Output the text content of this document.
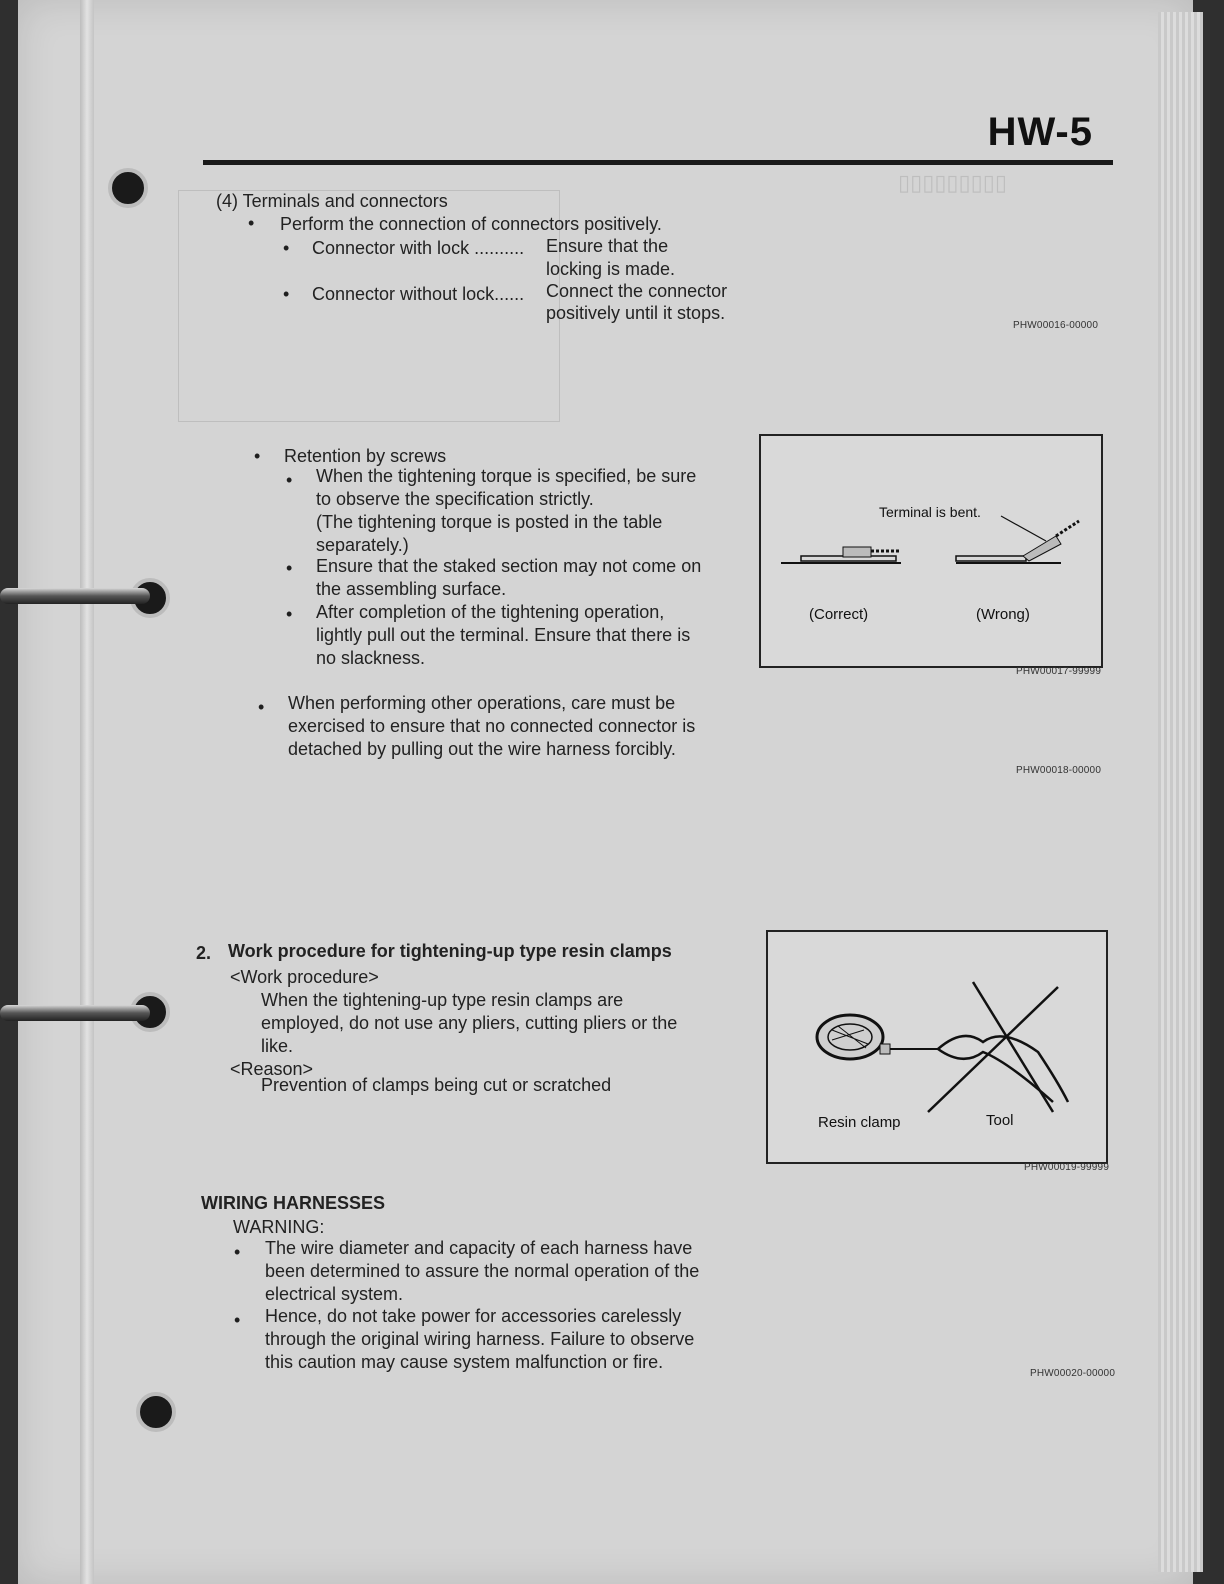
▯▯▯▯▯▯▯▯▯
HW-5
(4) Terminals and connectors
• Perform the connection of connectors positively.
• Connector with lock .......... Ensure that the
locking is made.
• Connector without lock...... Connect the connector
positively until it stops.
PHW00016-00000
• Retention by screws
• When the tightening torque is specified, be sure
to observe the specification strictly.
(The tightening torque is posted in the table
separately.)
• Ensure that the staked section may not come on
the assembling surface.
• After completion of the tightening operation,
lightly pull out the terminal. Ensure that there is
no slackness.
Terminal is bent.
(Correct)	(Wrong)
PHW00017-99999
• When performing other operations, care must be
exercised to ensure that no connected connector is
detached by pulling out the wire harness forcibly.
PHW00018-00000
2. Work procedure for tightening-up type resin clamps
<Work procedure>
When the tightening-up type resin clamps are
employed, do not use any pliers, cutting pliers or the
like.
<Reason>
Prevention of clamps being cut or scratched
Resin clamp	Tool
PHW00019-99999
WIRING HARNESSES
WARNING:
• The wire diameter and capacity of each harness have
been determined to assure the normal operation of the
electrical system.
• Hence, do not take power for accessories carelessly
through the original wiring harness. Failure to observe
this caution may cause system malfunction or fire.
PHW00020-00000
